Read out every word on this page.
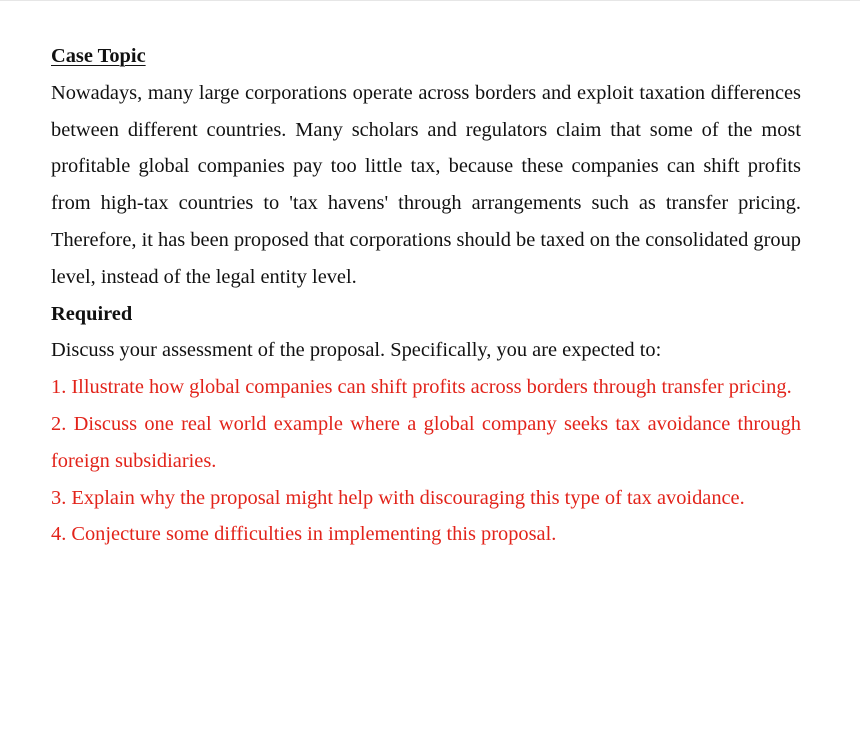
Case Topic

Nowadays, many large corporations operate across borders and exploit taxation differences between different countries. Many scholars and regulators claim that some of the most profitable global companies pay too little tax, because these companies can shift profits from high-tax countries to 'tax havens' through arrangements such as transfer pricing. Therefore, it has been proposed that corporations should be taxed on the consolidated group level, instead of the legal entity level.

Required

Discuss your assessment of the proposal. Specifically, you are expected to:

1. Illustrate how global companies can shift profits across borders through transfer pricing.

2. Discuss one real world example where a global company seeks tax avoidance through foreign subsidiaries.

3. Explain why the proposal might help with discouraging this type of tax avoidance.

4. Conjecture some difficulties in implementing this proposal.
